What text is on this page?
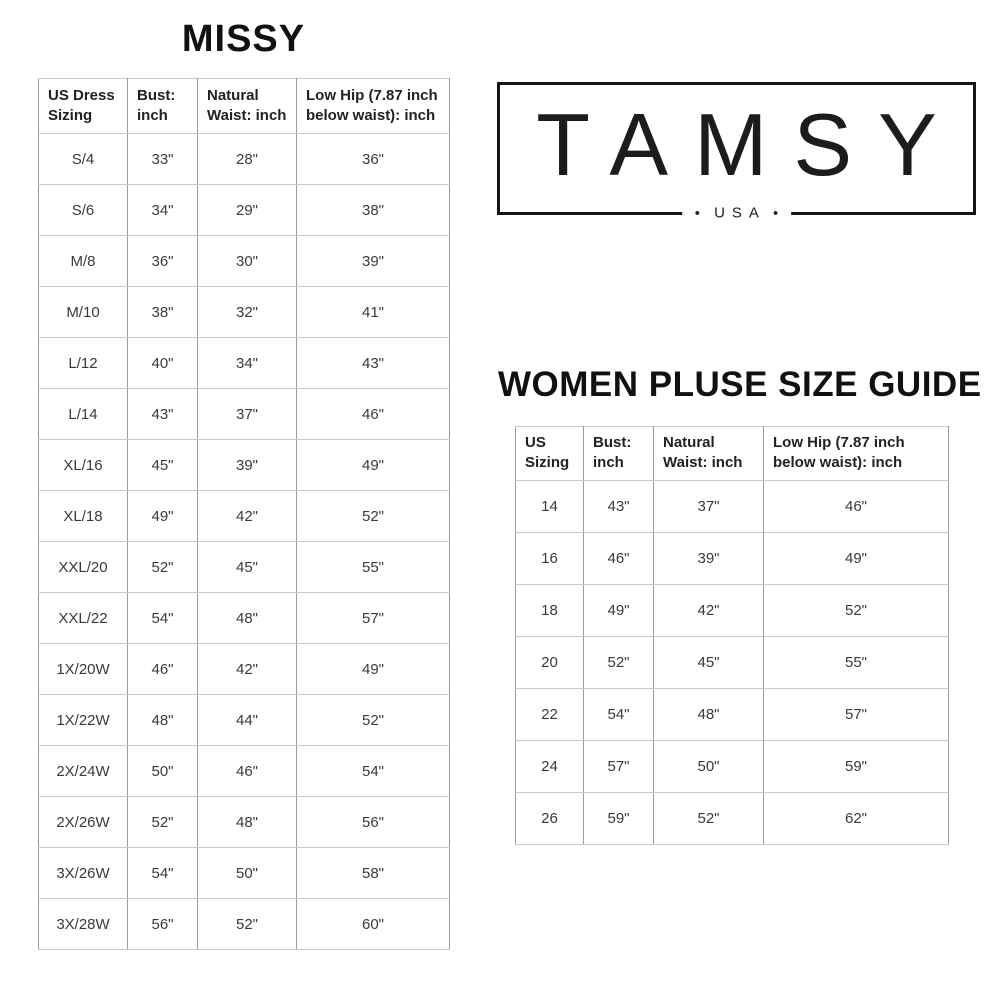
MISSY
US Dress Sizing	Bust: inch	Natural Waist: inch	Low Hip (7.87 inch below waist): inch
S/4	33"	28"	36"
S/6	34"	29"	38"
M/8	36"	30"	39"
M/10	38"	32"	41"
L/12	40"	34"	43"
L/14	43"	37"	46"
XL/16	45"	39"	49"
XL/18	49"	42"	52"
XXL/20	52"	45"	55"
XXL/22	54"	48"	57"
1X/20W	46"	42"	49"
1X/22W	48"	44"	52"
2X/24W	50"	46"	54"
2X/26W	52"	48"	56"
3X/26W	54"	50"	58"
3X/28W	56"	52"	60"
TAMSY
● USA ●
WOMEN PLUSE SIZE GUIDE
US Sizing	Bust: inch	Natural Waist: inch	Low Hip (7.87 inch below waist): inch
14	43"	37"	46"
16	46"	39"	49"
18	49"	42"	52"
20	52"	45"	55"
22	54"	48"	57"
24	57"	50"	59"
26	59"	52"	62"
